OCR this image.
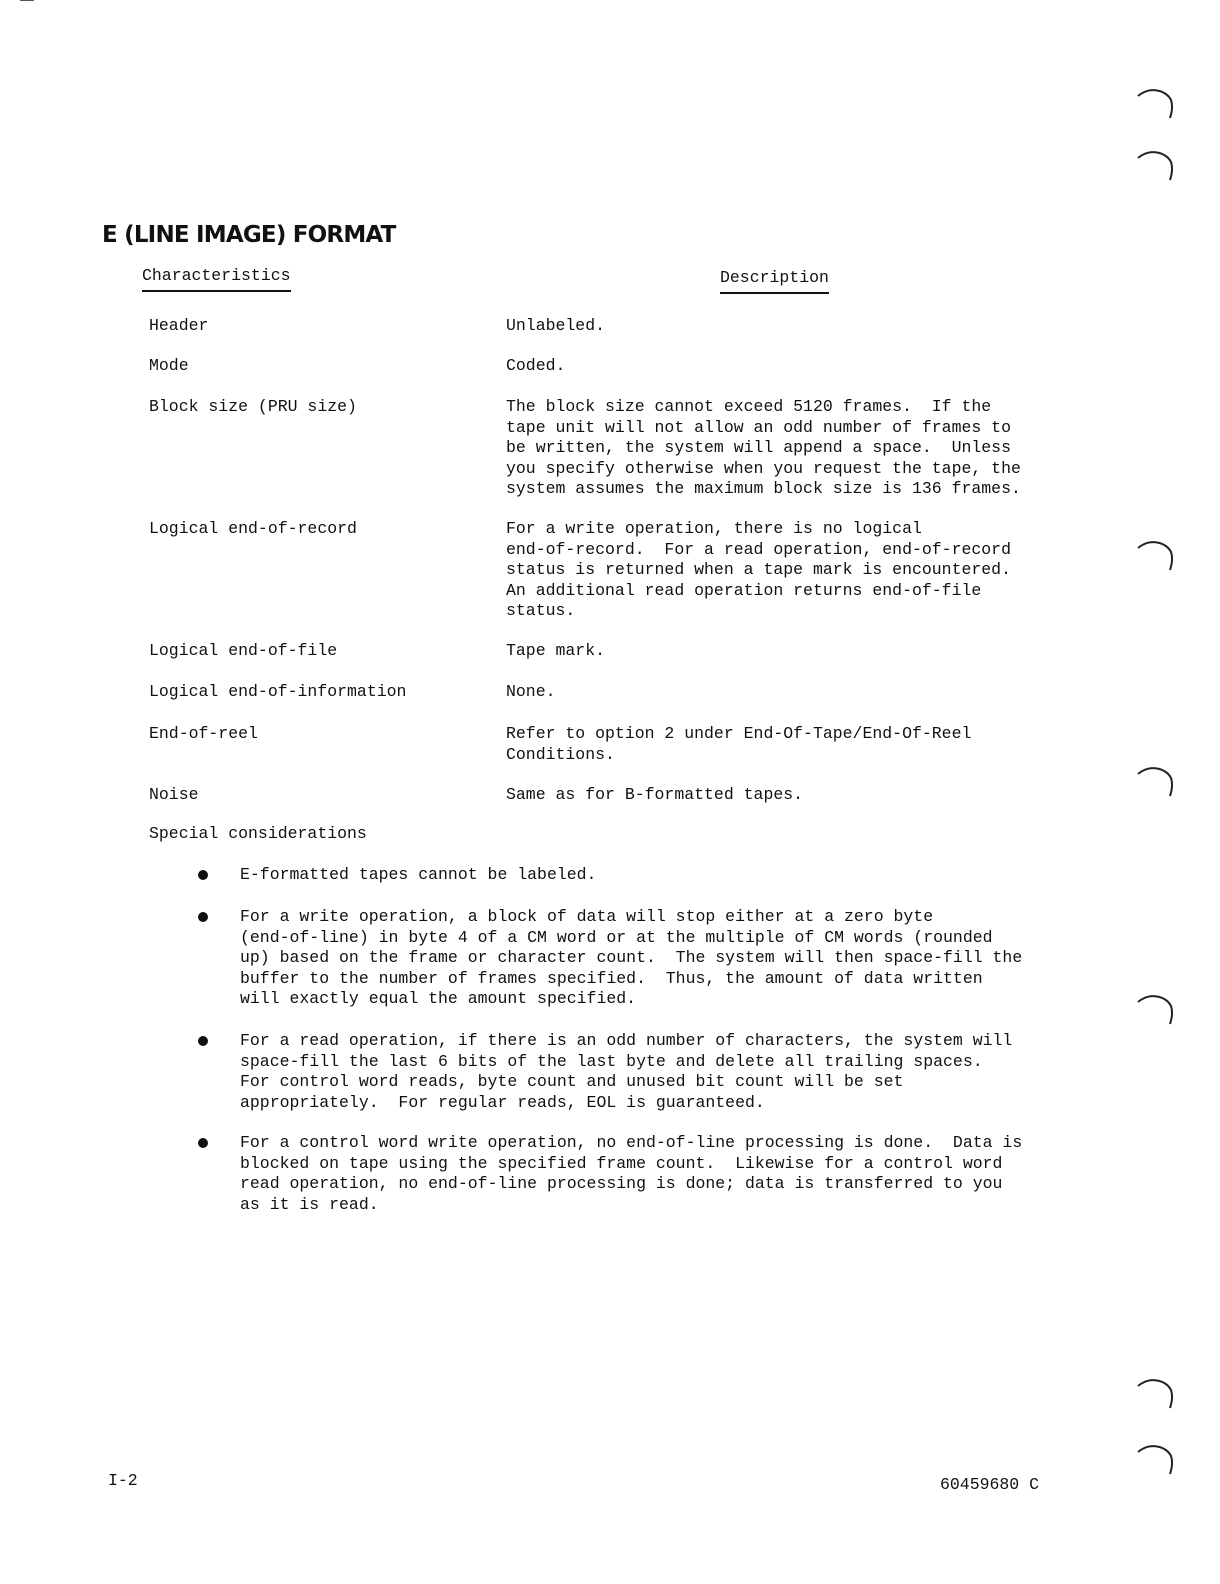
E (LINE IMAGE) FORMAT
Characteristics	Description
Header	Unlabeled.
Mode	Coded.
Block size (PRU size)	The block size cannot exceed 5120 frames.  If the
tape unit will not allow an odd number of frames to
be written, the system will append a space.  Unless
you specify otherwise when you request the tape, the
system assumes the maximum block size is 136 frames.
Logical end-of-record	For a write operation, there is no logical
end-of-record.  For a read operation, end-of-record
status is returned when a tape mark is encountered.
An additional read operation returns end-of-file
status.
Logical end-of-file	Tape mark.
Logical end-of-information	None.
End-of-reel	Refer to option 2 under End-Of-Tape/End-Of-Reel
Conditions.
Noise	Same as for B-formatted tapes.
Special considerations
E-formatted tapes cannot be labeled.
For a write operation, a block of data will stop either at a zero byte
(end-of-line) in byte 4 of a CM word or at the multiple of CM words (rounded
up) based on the frame or character count.  The system will then space-fill the
buffer to the number of frames specified.  Thus, the amount of data written
will exactly equal the amount specified.
For a read operation, if there is an odd number of characters, the system will
space-fill the last 6 bits of the last byte and delete all trailing spaces.
For control word reads, byte count and unused bit count will be set
appropriately.  For regular reads, EOL is guaranteed.
For a control word write operation, no end-of-line processing is done.  Data is
blocked on tape using the specified frame count.  Likewise for a control word
read operation, no end-of-line processing is done; data is transferred to you
as it is read.
I-2	60459680 C
